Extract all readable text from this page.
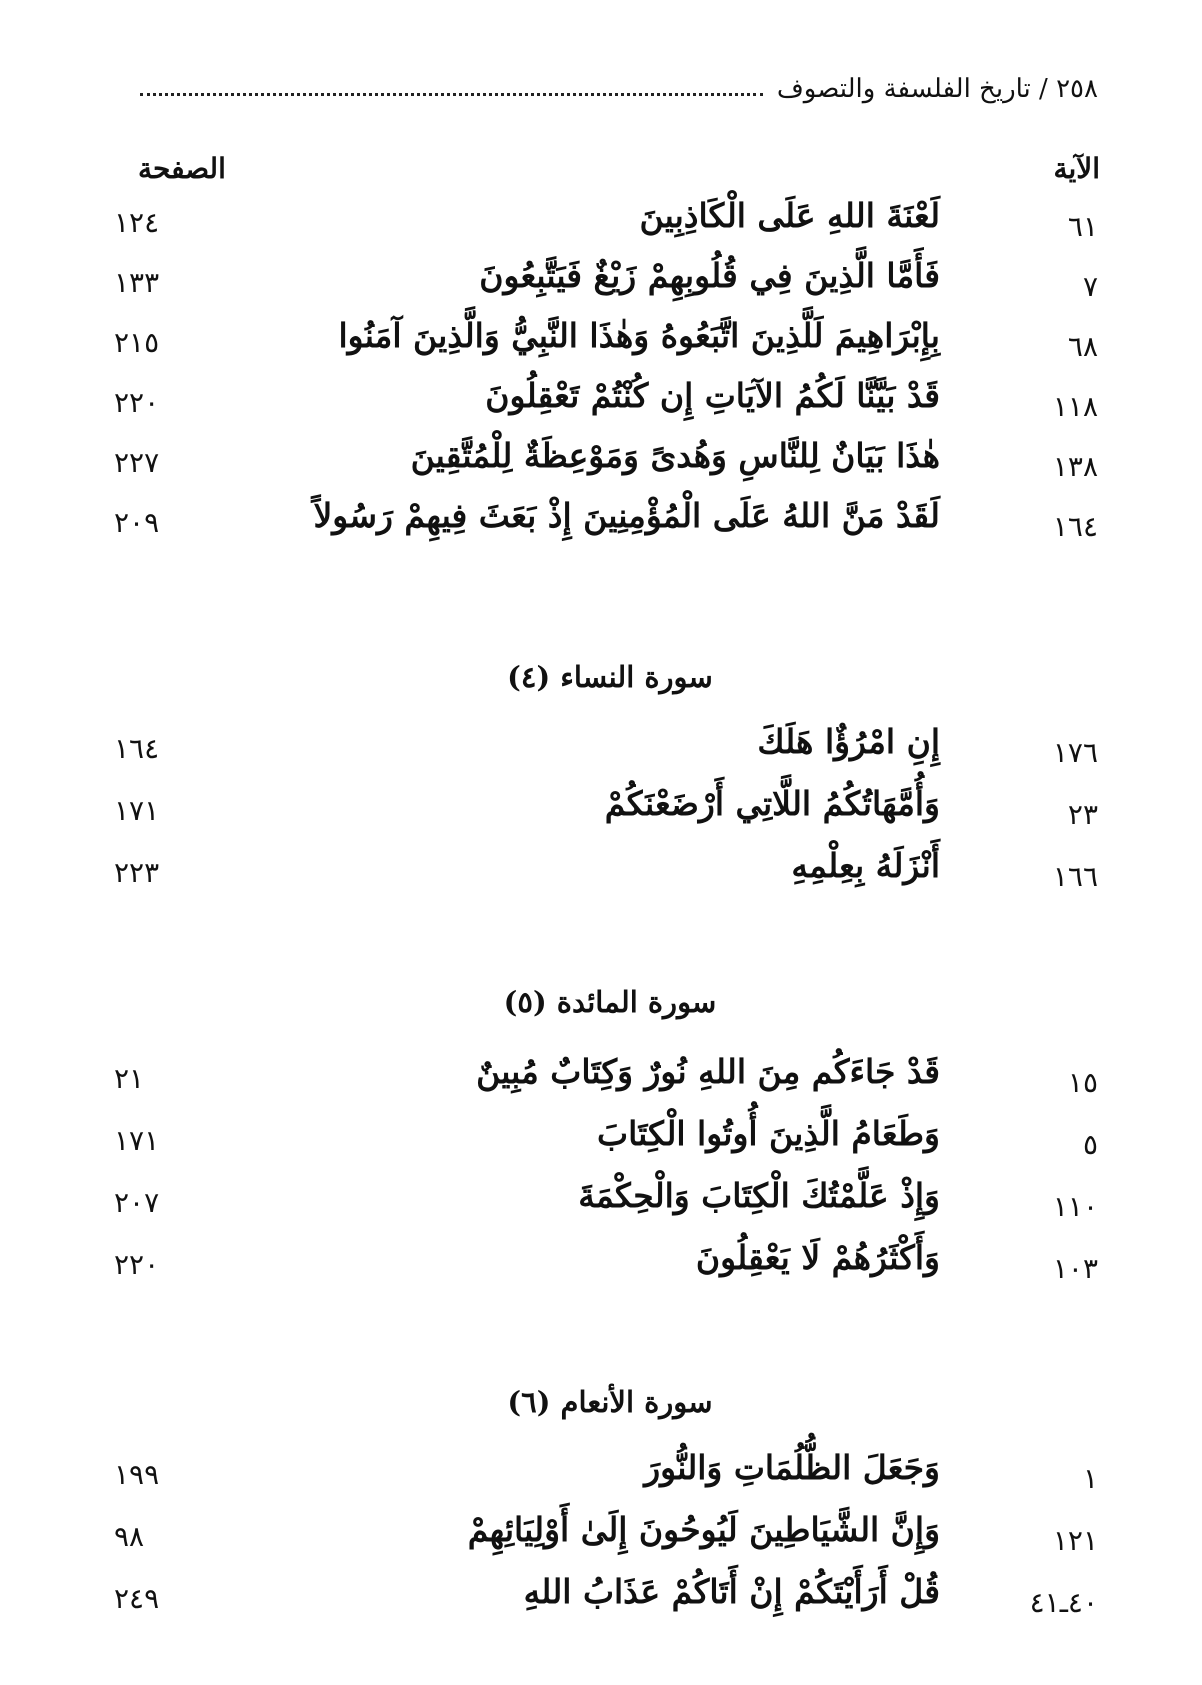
٢٥٨ / تاريخ الفلسفة والتصوف
الآية
الصفحة
٦١
لَعْنَةَ اللهِ عَلَى الْكَاذِبِينَ
١٢٤
٧
فَأَمَّا الَّذِينَ فِي قُلُوبِهِمْ زَيْغٌ فَيَتَّبِعُونَ
١٣٣
٦٨
بِإِبْرَاهِيمَ لَلَّذِينَ اتَّبَعُوهُ وَهٰذَا النَّبِيُّ وَالَّذِينَ آمَنُوا
٢١٥
١١٨
قَدْ بَيَّنَّا لَكُمُ الآيَاتِ إِن كُنْتُمْ تَعْقِلُونَ
٢٢٠
١٣٨
هٰذَا بَيَانٌ لِلنَّاسِ وَهُدىً وَمَوْعِظَةٌ لِلْمُتَّقِينَ
٢٢٧
١٦٤
لَقَدْ مَنَّ اللهُ عَلَى الْمُؤْمِنِينَ إِذْ بَعَثَ فِيهِمْ رَسُولاً
٢٠٩
سورة النساء (٤)
١٧٦
إِنِ امْرُؤٌا هَلَكَ
١٦٤
٢٣
وَأُمَّهَاتُكُمُ اللَّاتِي أَرْضَعْنَكُمْ
١٧١
١٦٦
أَنْزَلَهُ بِعِلْمِهِ
٢٢٣
سورة المائدة (٥)
١٥
قَدْ جَاءَكُم مِنَ اللهِ نُورٌ وَكِتَابٌ مُبِينٌ
٢١
٥
وَطَعَامُ الَّذِينَ أُوتُوا الْكِتَابَ
١٧١
١١٠
وَإِذْ عَلَّمْتُكَ الْكِتَابَ وَالْحِكْمَةَ
٢٠٧
١٠٣
وَأَكْثَرُهُمْ لَا يَعْقِلُونَ
٢٢٠
سورة الأنعام (٦)
١
وَجَعَلَ الظُّلُمَاتِ وَالنُّورَ
١٩٩
١٢١
وَإِنَّ الشَّيَاطِينَ لَيُوحُونَ إِلَىٰ أَوْلِيَائِهِمْ
٩٨
٤٠ـ٤١
قُلْ أَرَأَيْتَكُمْ إِنْ أَتَاكُمْ عَذَابُ اللهِ
٢٤٩
